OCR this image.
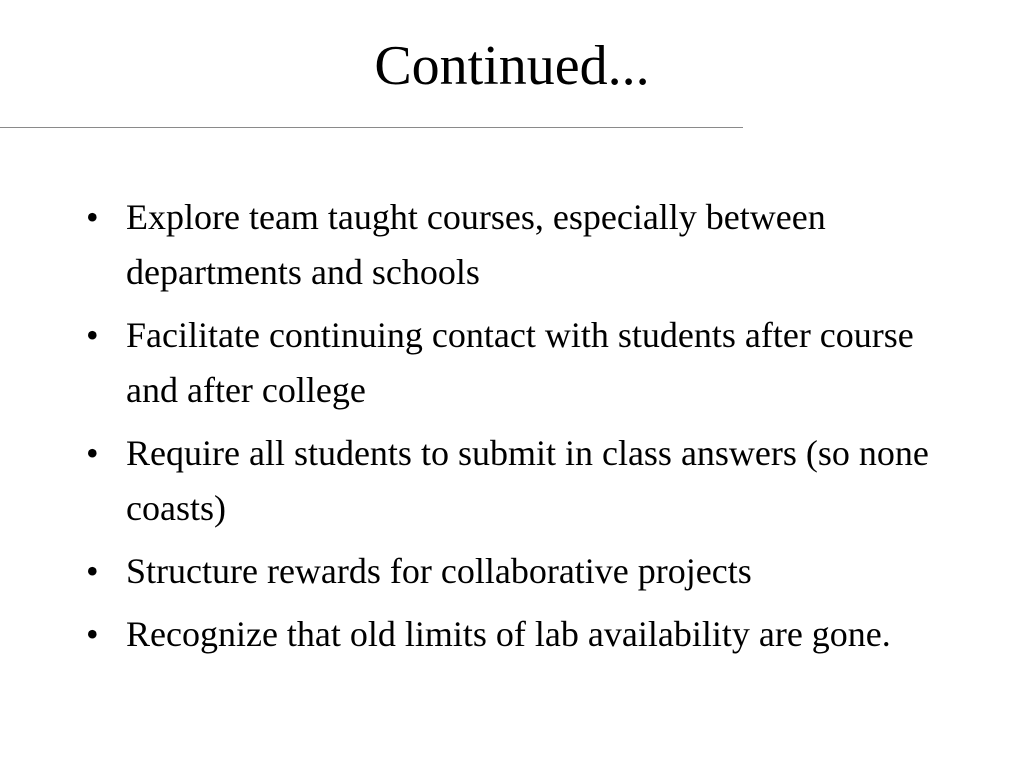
Continued...
• Explore team taught courses, especially between departments and schools
• Facilitate continuing contact with students after course and after college
• Require all students to submit in class answers (so none coasts)
• Structure rewards for collaborative projects
• Recognize that old limits of lab availability are gone.
